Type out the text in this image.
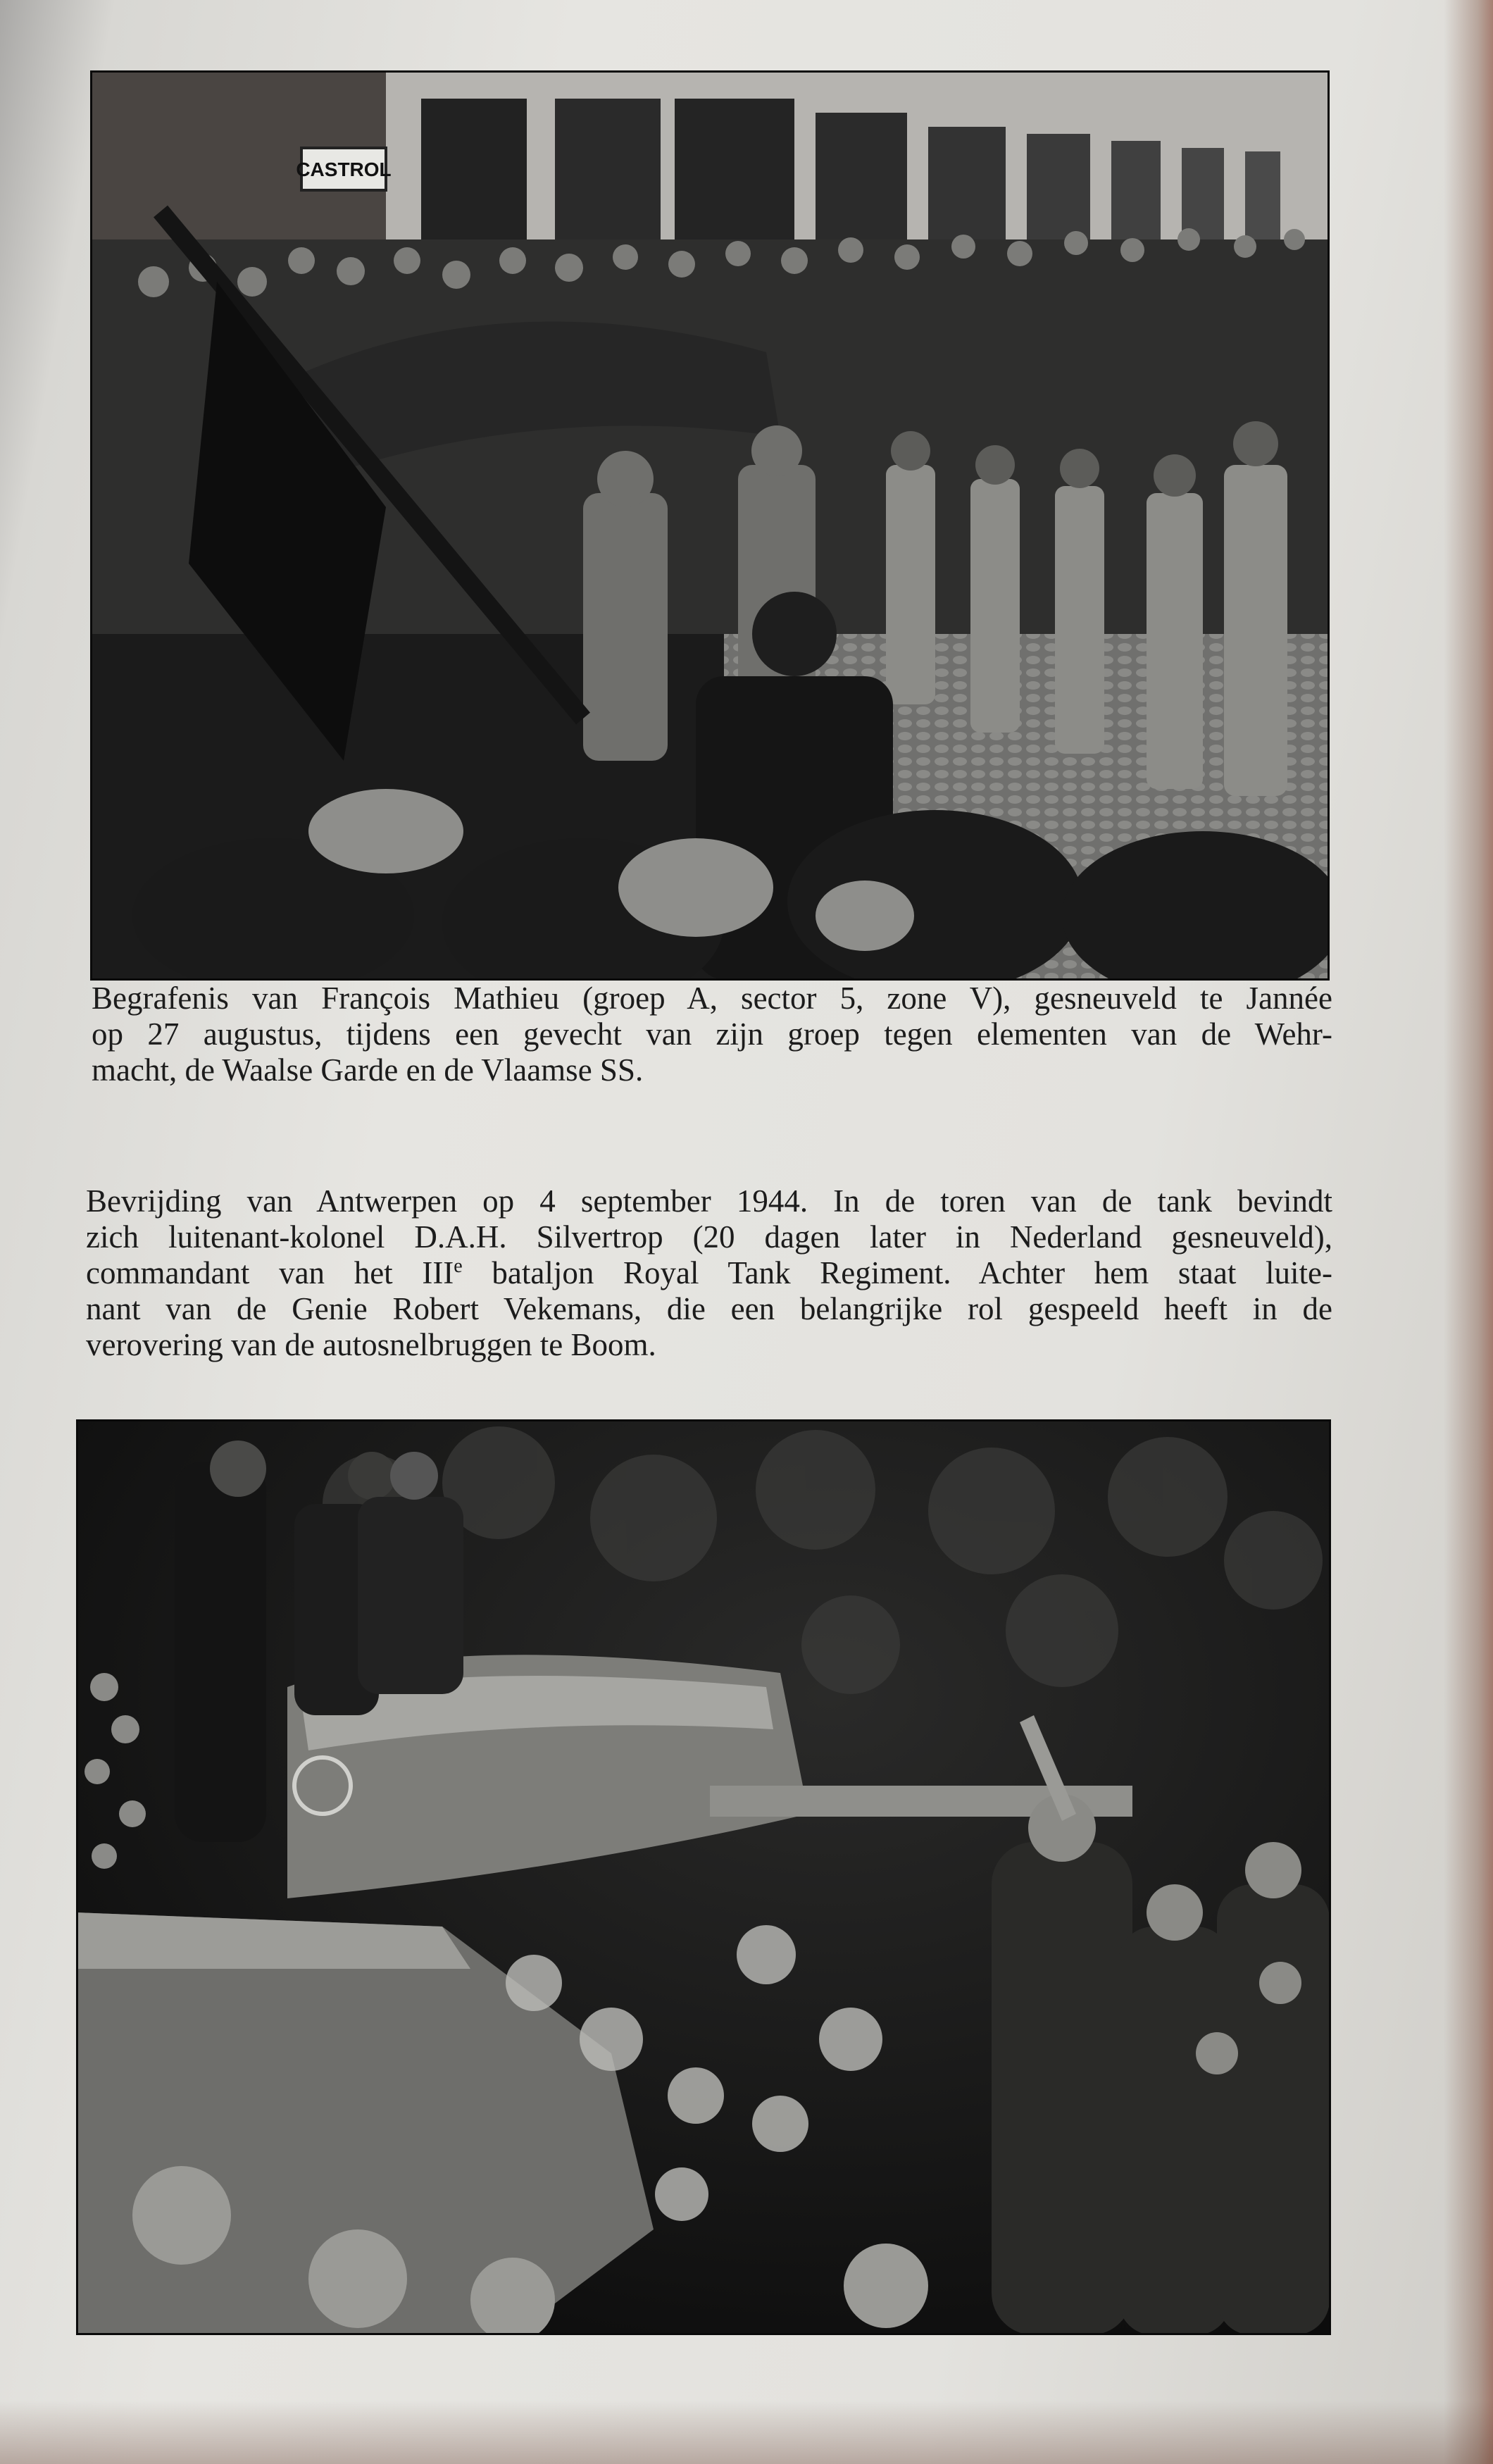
CASTROL

Begrafenis van François Mathieu (groep A, sector 5, zone V), gesneuveld te Jannée
op 27 augustus, tijdens een gevecht van zijn groep tegen elementen van de Wehr-
macht, de Waalse Garde en de Vlaamse SS.

Bevrijding van Antwerpen op 4 september 1944. In de toren van de tank bevindt
zich luitenant-kolonel D.A.H. Silvertrop (20 dagen later in Nederland gesneuveld),
commandant van het IIIe bataljon Royal Tank Regiment. Achter hem staat luite-
nant van de Genie Robert Vekemans, die een belangrijke rol gespeeld heeft in de
verovering van de autosnelbruggen te Boom.
